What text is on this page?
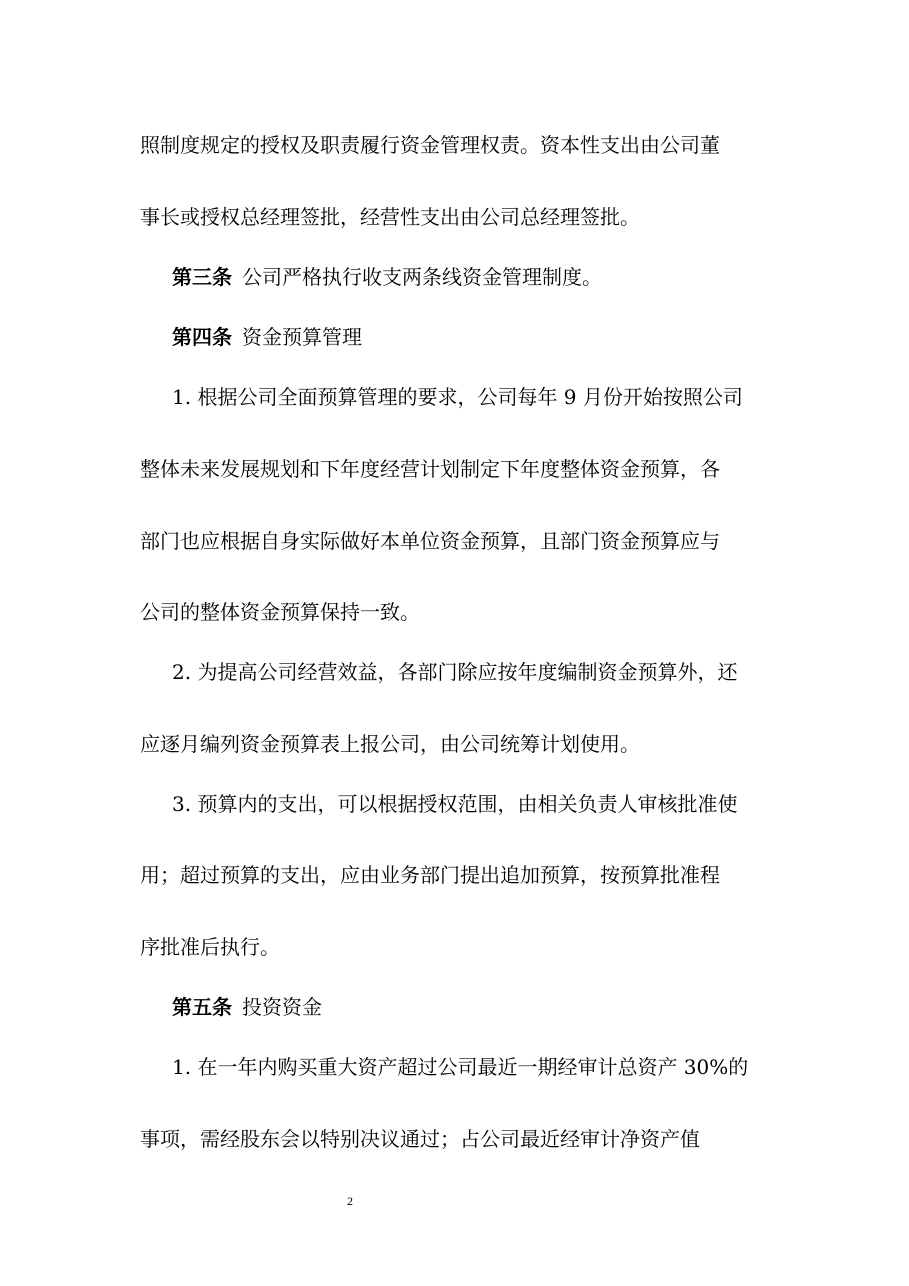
照制度规定的授权及职责履行资金管理权责。资本性支出由公司董
事长或授权总经理签批，经营性支出由公司总经理签批。
第三条 公司严格执行收支两条线资金管理制度。
第四条 资金预算管理
1. 根据公司全面预算管理的要求，公司每年 9 月份开始按照公司
整体未来发展规划和下年度经营计划制定下年度整体资金预算，各
部门也应根据自身实际做好本单位资金预算，且部门资金预算应与
公司的整体资金预算保持一致。
2. 为提高公司经营效益，各部门除应按年度编制资金预算外，还
应逐月编列资金预算表上报公司，由公司统筹计划使用。
3. 预算内的支出，可以根据授权范围，由相关负责人审核批准使
用；超过预算的支出，应由业务部门提出追加预算，按预算批准程
序批准后执行。
第五条 投资资金
1. 在一年内购买重大资产超过公司最近一期经审计总资产 30%的
事项，需经股东会以特别决议通过；占公司最近经审计净资产值
2
